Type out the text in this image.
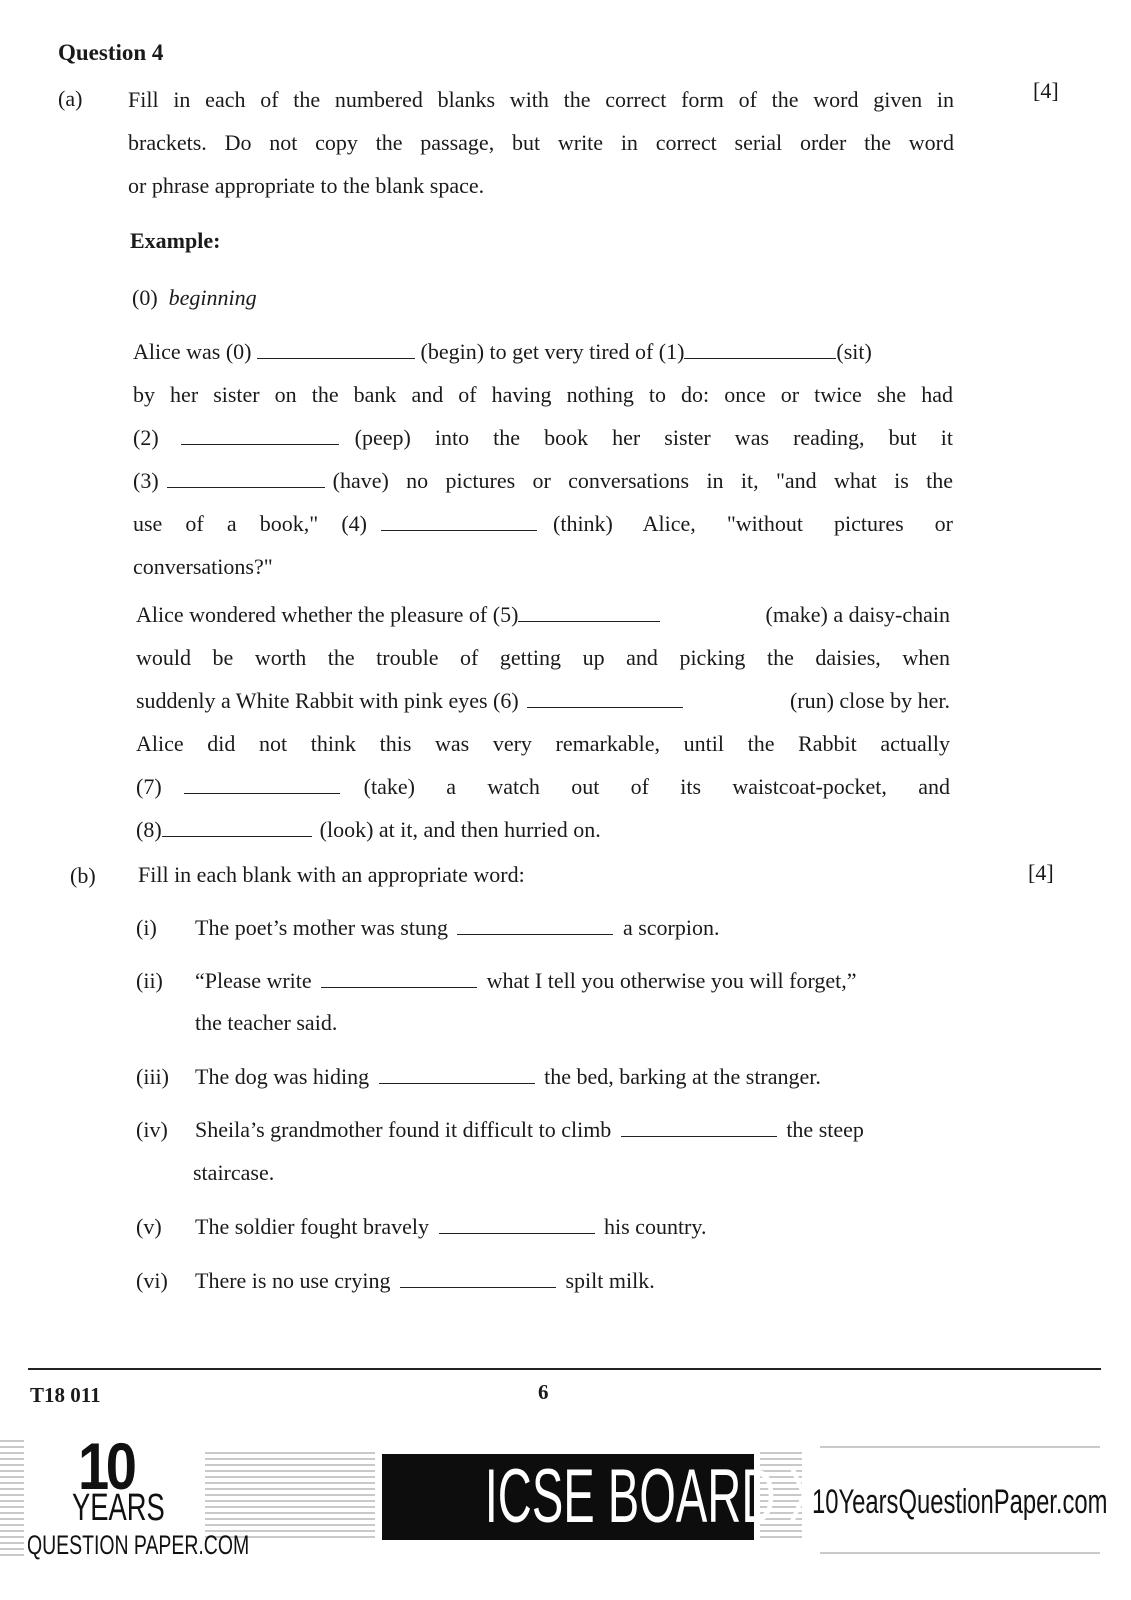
Question 4
(a)	[4]
Fill in each of the numbered blanks with the correct form of the word given in
brackets. Do not copy the passage, but write in correct serial order the word
or phrase appropriate to the blank space.
Example:
(0) beginning
Alice was (0)	(begin) to get very tired of (1)	(sit)
by her sister on the bank and of having nothing to do: once or twice she had
(2)	(peep) into the book her sister was reading, but it
(3)	(have) no pictures or conversations in it, "and what is the
use of a book," (4)	(think) Alice, "without pictures or
conversations?"
Alice wondered whether the pleasure of (5)	(make) a daisy-chain
would be worth the trouble of getting up and picking the daisies, when
suddenly a White Rabbit with pink eyes (6)	(run) close by her.
Alice did not think this was very remarkable, until the Rabbit actually
(7)	(take) a watch out of its waistcoat-pocket, and
(8)	(look) at it, and then hurried on.
(b)	[4]
Fill in each blank with an appropriate word:
(i) The poet’s mother was stung	a scorpion.
(ii) “Please write	what I tell you otherwise you will forget,”
the teacher said.
(iii) The dog was hiding	the bed, barking at the stranger.
(iv) Sheila’s grandmother found it difficult to climb	the steep
staircase.
(v) The soldier fought bravely	his country.
(vi) There is no use crying	spilt milk.
T18 011	6
10
YEARS
QUESTION PAPER.COM
ICSE BOARD X
10YearsQuestionPaper.com
